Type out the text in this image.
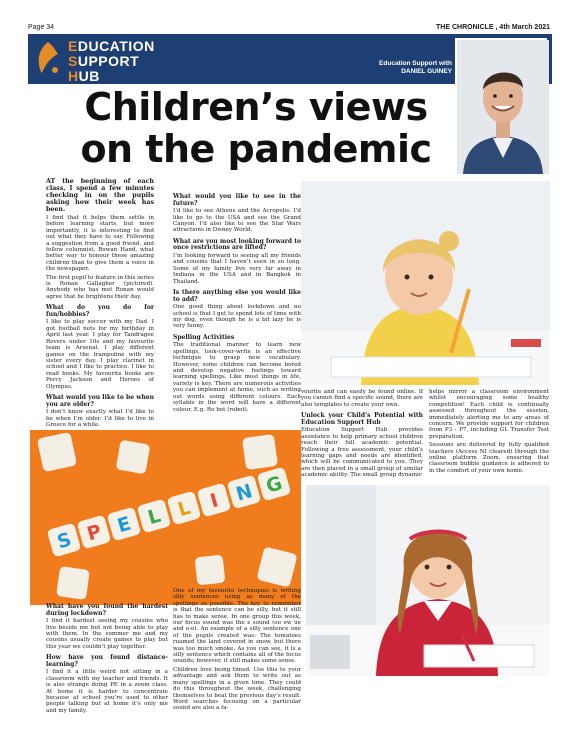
Page 34	THE CHRONICLE , 4th March 2021
EDUCATION
SUPPORT
HUB
Education Support with
DANIEL GUINEY
Children’s views
on the pandemic

AT the beginning of each class, I spend a few minutes checking in on the pupils asking how their week has been.

I find that it helps them settle in before learning starts, but more importantly, it is interesting to find out what they have to say. Following a suggestion from a good friend, and fellow columnist, Rowan Hand, what better way to honour these amazing children than to give them a voice in the newspaper.

The first pupil to feature in this series is Ronan Gallagher (pictured). Anybody who has met Ronan would agree that he brightens their day.

What do you do for fun/hobbies?

I like to play soccer with my Dad. I got football nets for my birthday in April last year. I play for Tandragee Rovers under 10s and my favourite team is Arsenal. I play different games on the trampoline with my sister every day. I play clarinet in school and I like to practice. I like to read books. My favourite books are Percy Jackson and Heroes of Olympus.

What would you like to be when you are older?

I don’t know exactly what I’d like to be when I’m older. I’d like to live in Greece for a while.

What would you like to see in the future?

I’d like to see Athens and the Acropolis. I’d like to go to the USA and see the Grand Canyon. I’d also like to see the Star Wars attractions in Disney World.

What are you most looking forward to once restrictions are lifted?

I’m looking forward to seeing all my friends and cousins that I haven’t seen in so long. Some of my family live very far away in Indiana in the USA and in Bangkok in Thailand.

Is there anything else you would like to add?

One good thing about lockdown and no school is that I get to spend lots of time with my dog, even though he is a bit lazy he is very funny.

Spelling Activities

The traditional manner to learn new spellings, look-cover-write is an effective technique to grasp new vocabulary. However, some children can become bored and develop negative feelings toward learning spellings. Like most things in life, variety is key. There are numerous activities you can implement at home, such as writing out words using different colours. Each syllable in the word will have a different colour. E.g. Ro bot (robot).

vourite and can easily be found online. If you cannot find a specific sound, there are also templates to create your own.

Unlock your Child’s Potential with Education Support Hub

Education Support Hub provides assistance to help primary school children reach their full academic potential. Following a free assessment, your child’s learning gaps and needs are identified, which will be communicated to you. They are then placed in a small group of similar academic ability. The small group dynamic

helps mirror a classroom environment whilst encouraging some healthy competition! Each child is continually assessed throughout the session, immediately alerting me to any areas of concern. We provide support for children from P3 - P7, including GL Transfer Test preparation.

Sessions are delivered by fully qualified teachers (Access NI cleared) through the online platform Zoom, ensuring that classroom bubble guidance is adhered to in the comfort of your own home.

S P E L L I N G
What have you found the hardest during lockdown?

I find it hardest seeing my cousins who live beside me but not being able to play with them. In the summer me and my cousins usually create games to play but this year we couldn’t play together.

How have you found distance-learning?

I find it a little weird not sitting in a classroom with my teacher and friends. It is also strange doing PE in a zoom class. At home it is harder to concentrate because at school you’re used to other people talking but at home it’s only me and my family.

One of my favourite techniques is writing silly sentences using as many of the spellings as possible. The key to remember is that the sentence can be silly, but it still has to make sense. In one group this week, our focus sound was the z sound (oo ew ue and o-e). An example of a silly sentence one of the pupils created was: The tomatoes roamed the land covered in snow, but there was too much smoke. As you can see, it is a silly sentence which contains all of the focus sounds; however, it still makes some sense.

Children love being timed. Use this to your advantage and ask them to write out as many spellings in a given time. They could do this throughout the week, challenging themselves to beat the previous day’s result. Word searches focusing on a particular sound are also a fa-
